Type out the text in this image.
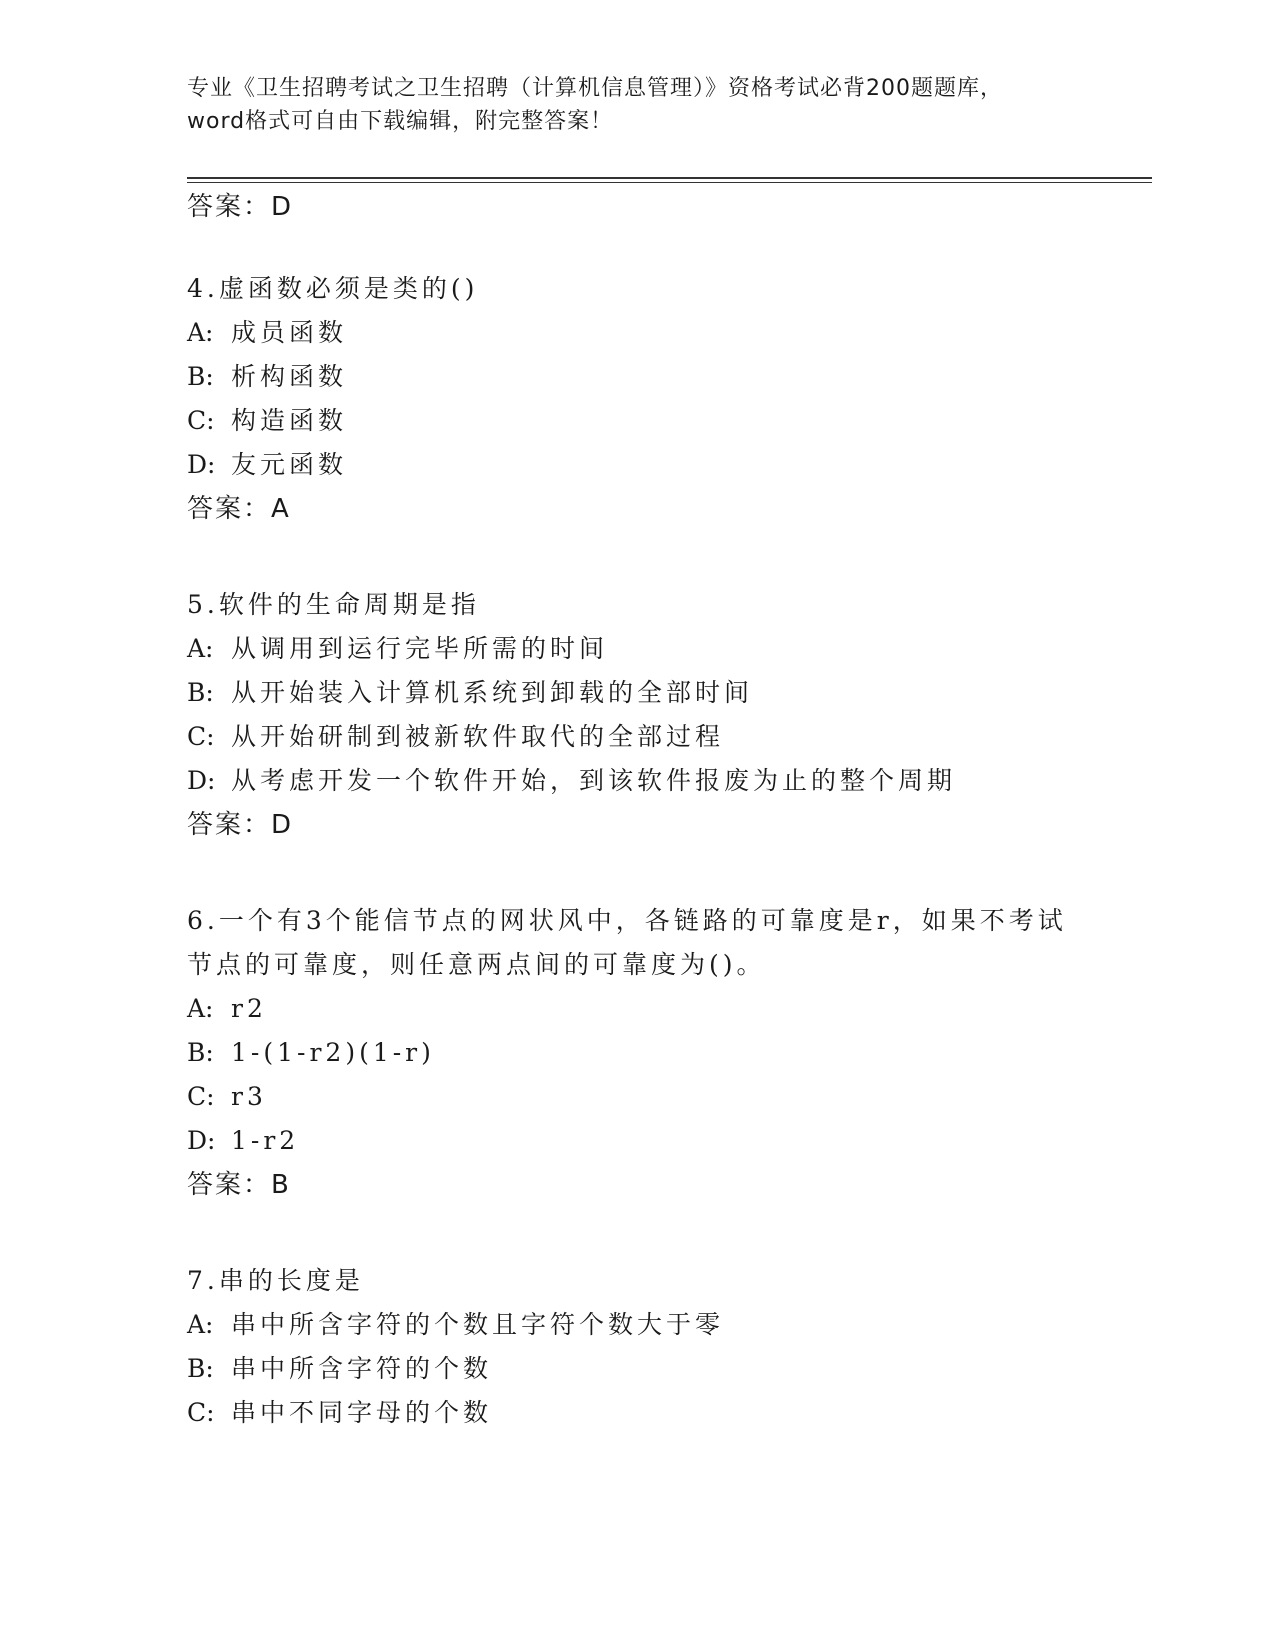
专业《卫生招聘考试之卫生招聘（计算机信息管理）》资格考试必背200题题库，
word格式可自由下载编辑，附完整答案！
答案：D
4.虚函数必须是类的()
A: 成员函数
B: 析构函数
C: 构造函数
D: 友元函数
答案：A
5.软件的生命周期是指
A: 从调用到运行完毕所需的时间
B: 从开始装入计算机系统到卸载的全部时间
C: 从开始研制到被新软件取代的全部过程
D: 从考虑开发一个软件开始，到该软件报废为止的整个周期
答案：D
6.一个有3个能信节点的网状风中，各链路的可靠度是r，如果不考试
节点的可靠度，则任意两点间的可靠度为()。
A: r2
B: 1-(1-r2)(1-r)
C: r3
D: 1-r2
答案：B
7.串的长度是
A: 串中所含字符的个数且字符个数大于零
B: 串中所含字符的个数
C: 串中不同字母的个数
